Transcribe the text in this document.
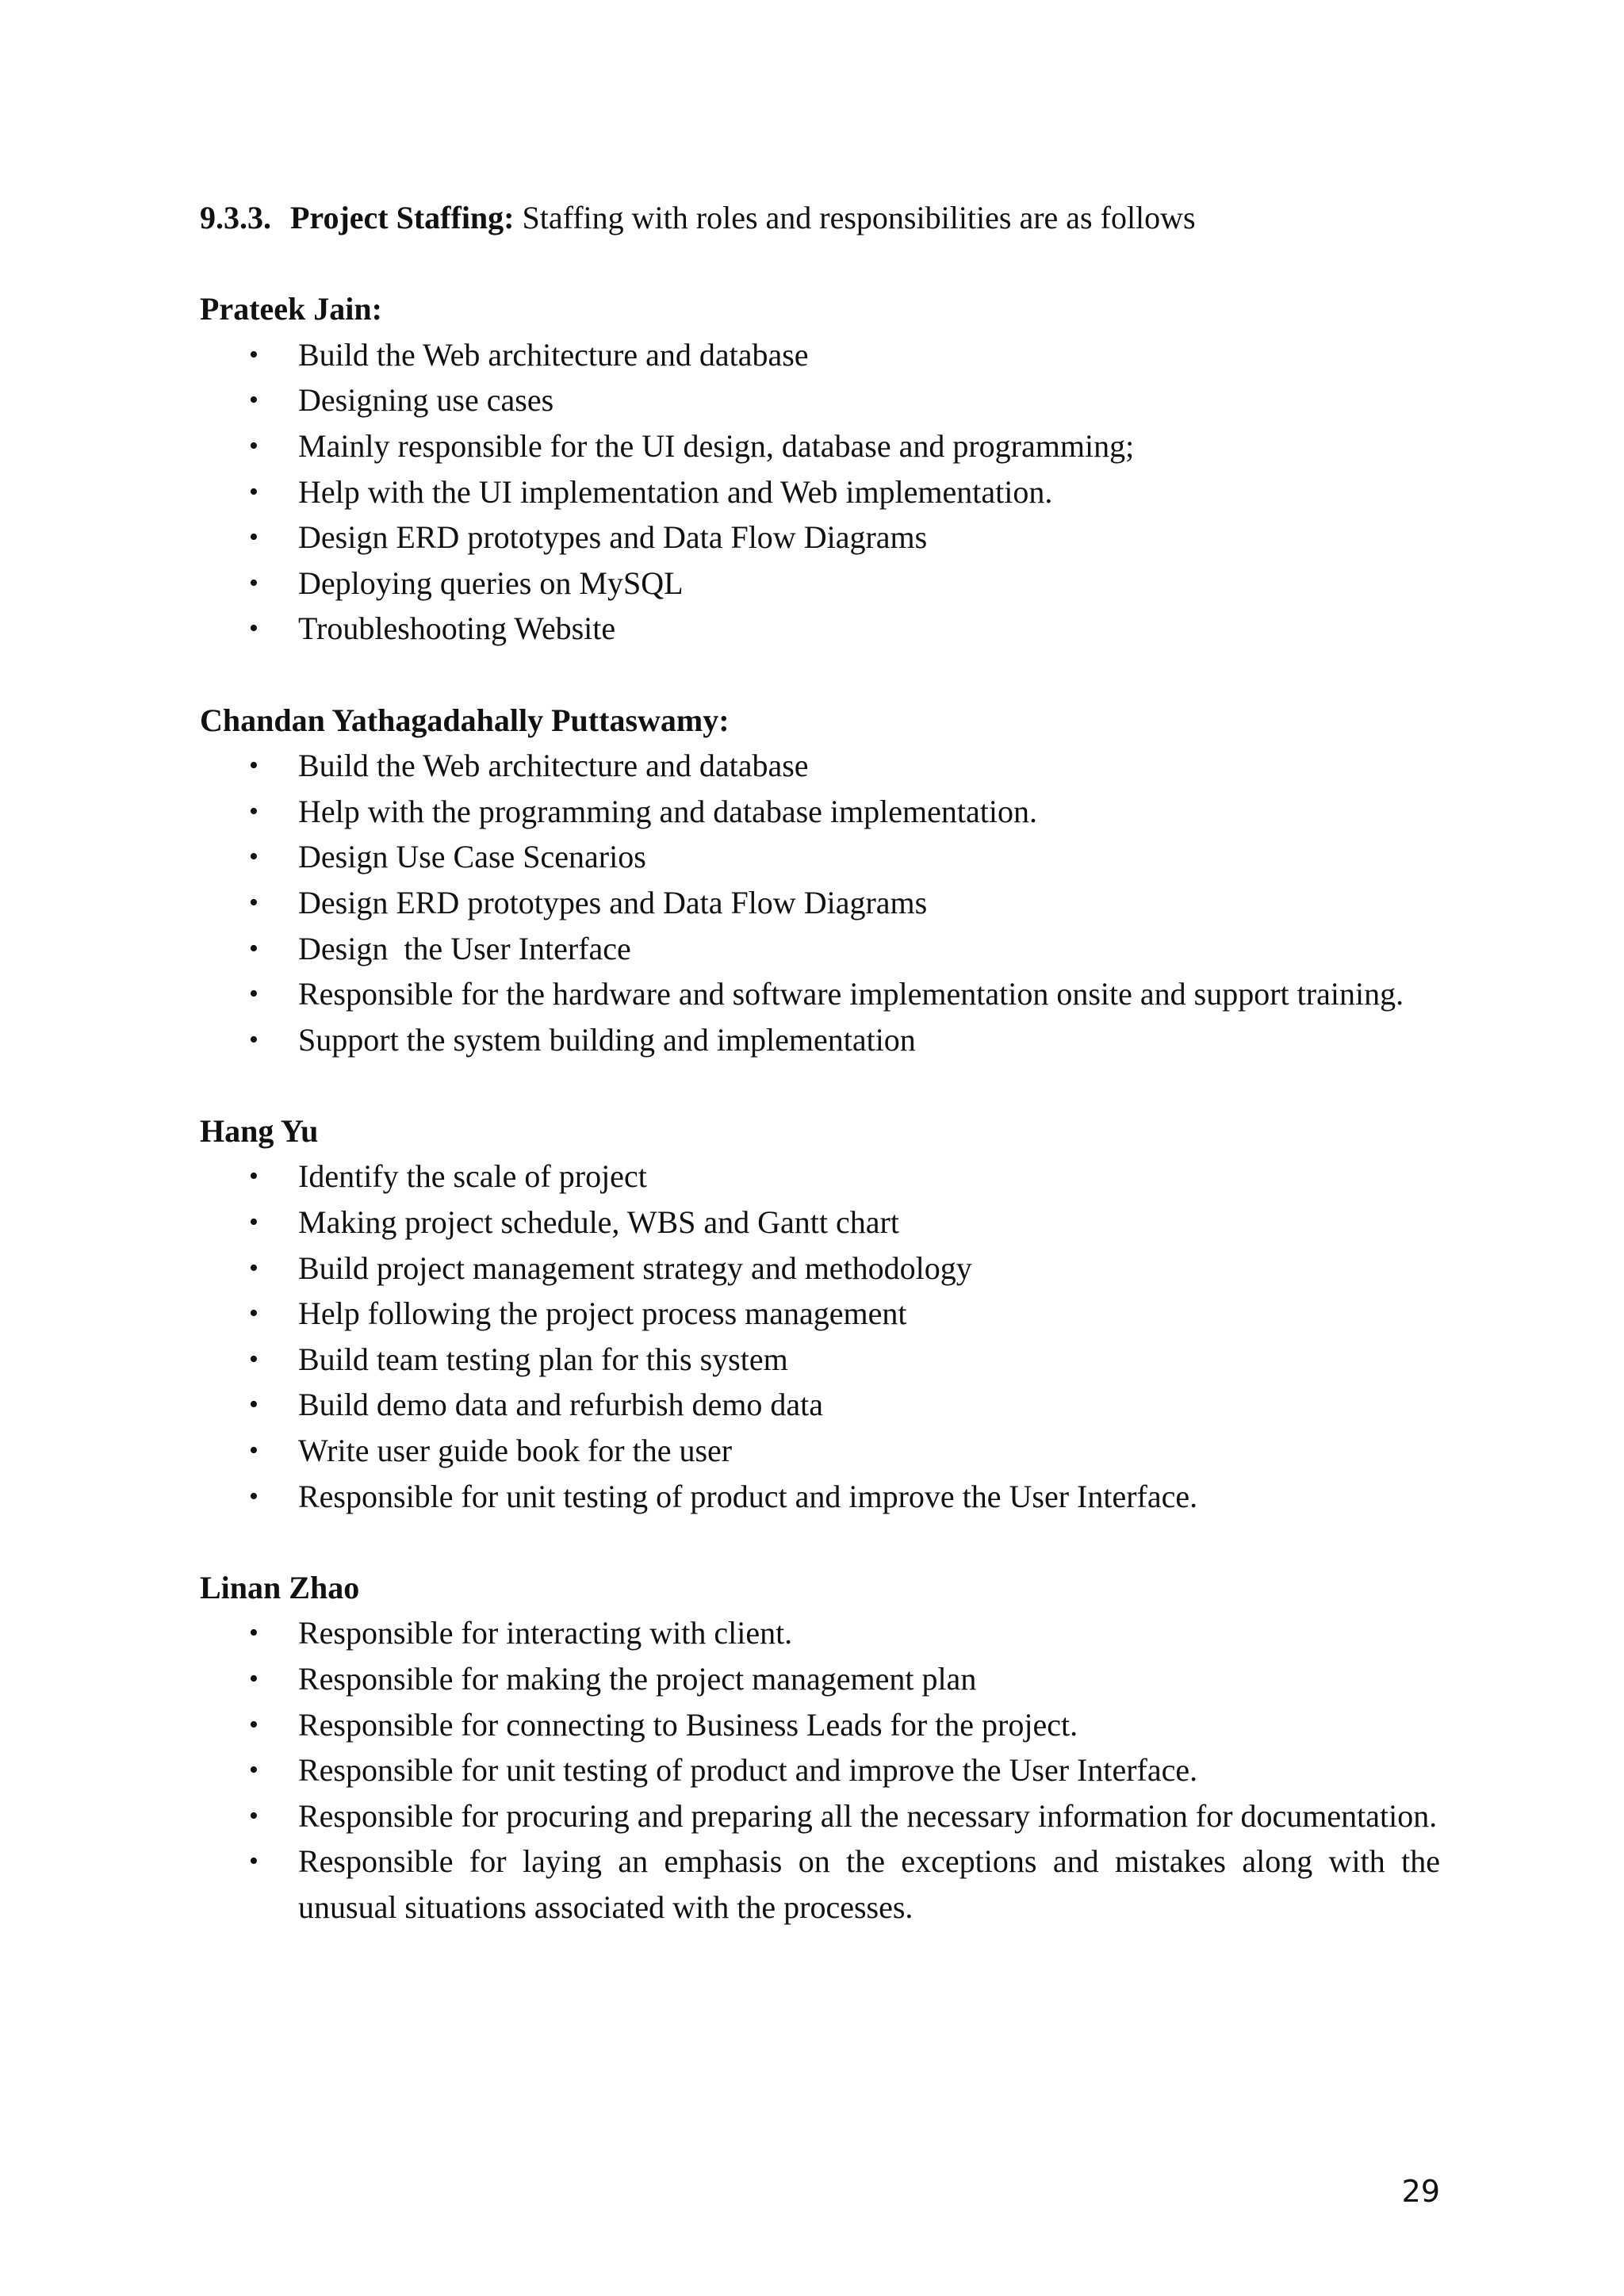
9.3.3. Project Staffing: Staffing with roles and responsibilities are as follows

Prateek Jain:

• Build the Web architecture and database
• Designing use cases
• Mainly responsible for the UI design, database and programming;
• Help with the UI implementation and Web implementation.
• Design ERD prototypes and Data Flow Diagrams
• Deploying queries on MySQL
• Troubleshooting Website

Chandan Yathagadahally Puttaswamy:

• Build the Web architecture and database
• Help with the programming and database implementation.
• Design Use Case Scenarios
• Design ERD prototypes and Data Flow Diagrams
• Design  the User Interface
• Responsible for the hardware and software implementation onsite and support training.
• Support the system building and implementation

Hang Yu

• Identify the scale of project
• Making project schedule, WBS and Gantt chart
• Build project management strategy and methodology
• Help following the project process management
• Build team testing plan for this system
• Build demo data and refurbish demo data
• Write user guide book for the user
• Responsible for unit testing of product and improve the User Interface.

Linan Zhao

• Responsible for interacting with client.
• Responsible for making the project management plan
• Responsible for connecting to Business Leads for the project.
• Responsible for unit testing of product and improve the User Interface.
• Responsible for procuring and preparing all the necessary information for documentation.
• Responsible for laying an emphasis on the exceptions and mistakes along with the unusual situations associated with the processes.
29
